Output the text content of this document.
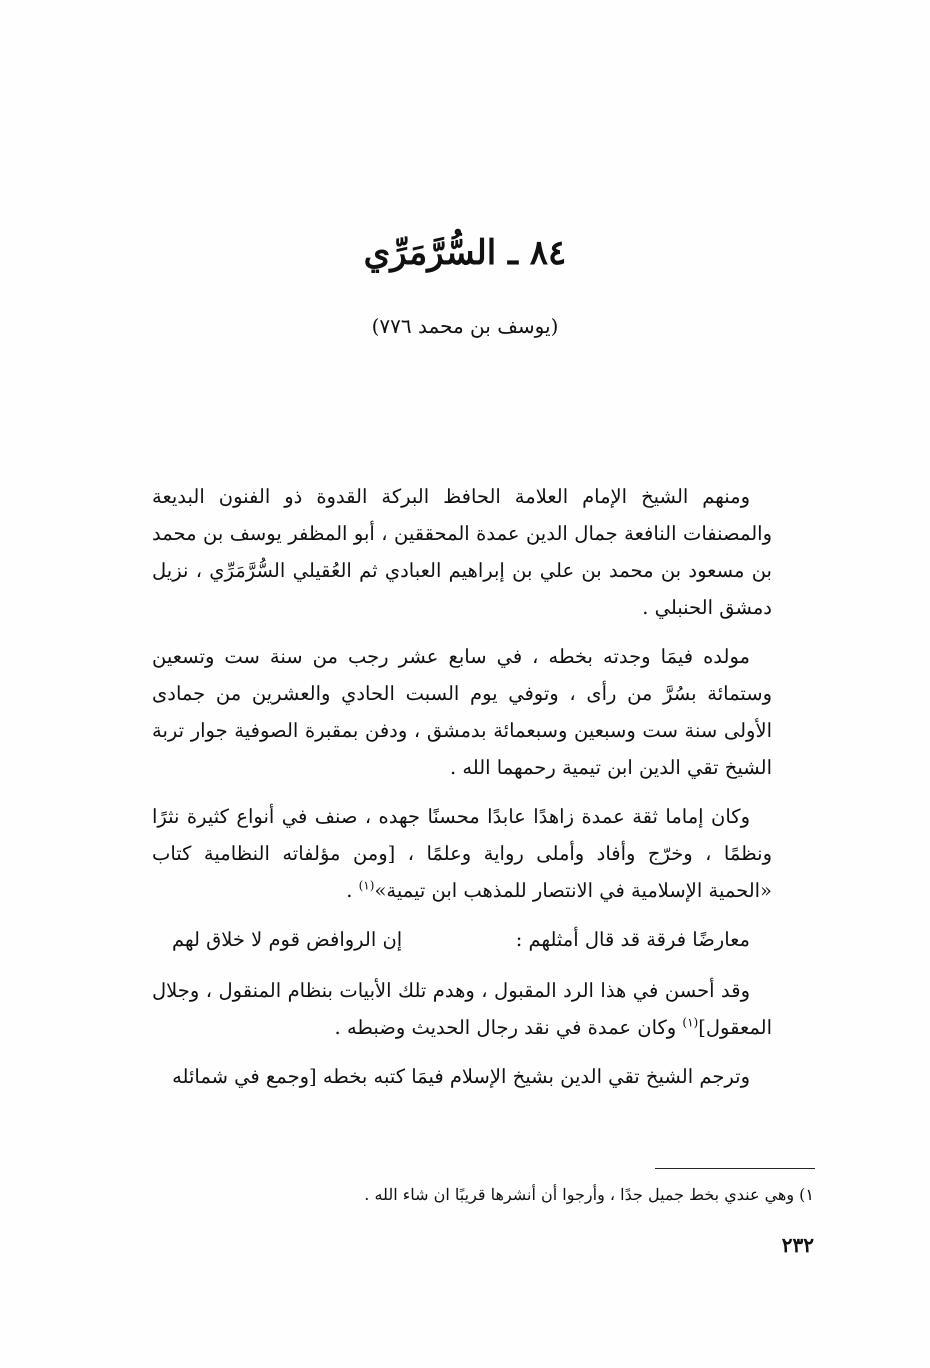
٨٤ ـ السُّرَّمَرِّي
(يوسف بن محمد ٧٧٦)

ومنهم الشيخ الإمام العلامة الحافظ البركة القدوة ذو الفنون البديعة والمصنفات النافعة جمال الدين عمدة المحققين ، أبو المظفر يوسف بن محمد بن مسعود بن محمد بن علي بن إبراهيم العبادي ثم العُقيلي السُّرَّمَرِّي ، نزيل دمشق الحنبلي .

مولده فيمَا وجدته بخطه ، في سابع عشر رجب من سنة ست وتسعين وستمائة بسُرَّ من رأى ، وتوفي يوم السبت الحادي والعشرين من جمادى الأولى سنة ست وسبعين وسبعمائة بدمشق ، ودفن بمقبرة الصوفية جوار تربة الشيخ تقي الدين ابن تيمية رحمهما الله .

وكان إماما ثقة عمدة زاهدًا عابدًا محسنًا جهده ، صنف في أنواع كثيرة نثرًا ونظمًا ، وخرّج وأفاد وأملى رواية وعلمًا ، [ومن مؤلفاته النظامية كتاب «الحمية الإسلامية في الانتصار للمذهب ابن تيمية»$^{(١)}$ .

معارضًا فرقة قد قال أمثلهم :
إن الروافض قوم لا خلاق لهم

وقد أحسن في هذا الرد المقبول ، وهدم تلك الأبيات بنظام المنقول ، وجلال المعقول]$^{(١)}$ وكان عمدة في نقد رجال الحديث وضبطه .

وترجم الشيخ تقي الدين بشيخ الإسلام فيمَا كتبه بخطه [وجمع في شمائله

١) وهي عندي بخط جميل جدًا ، وأرجوا أن أنشرها قريبًا ان شاء الله .
٢٣٢
